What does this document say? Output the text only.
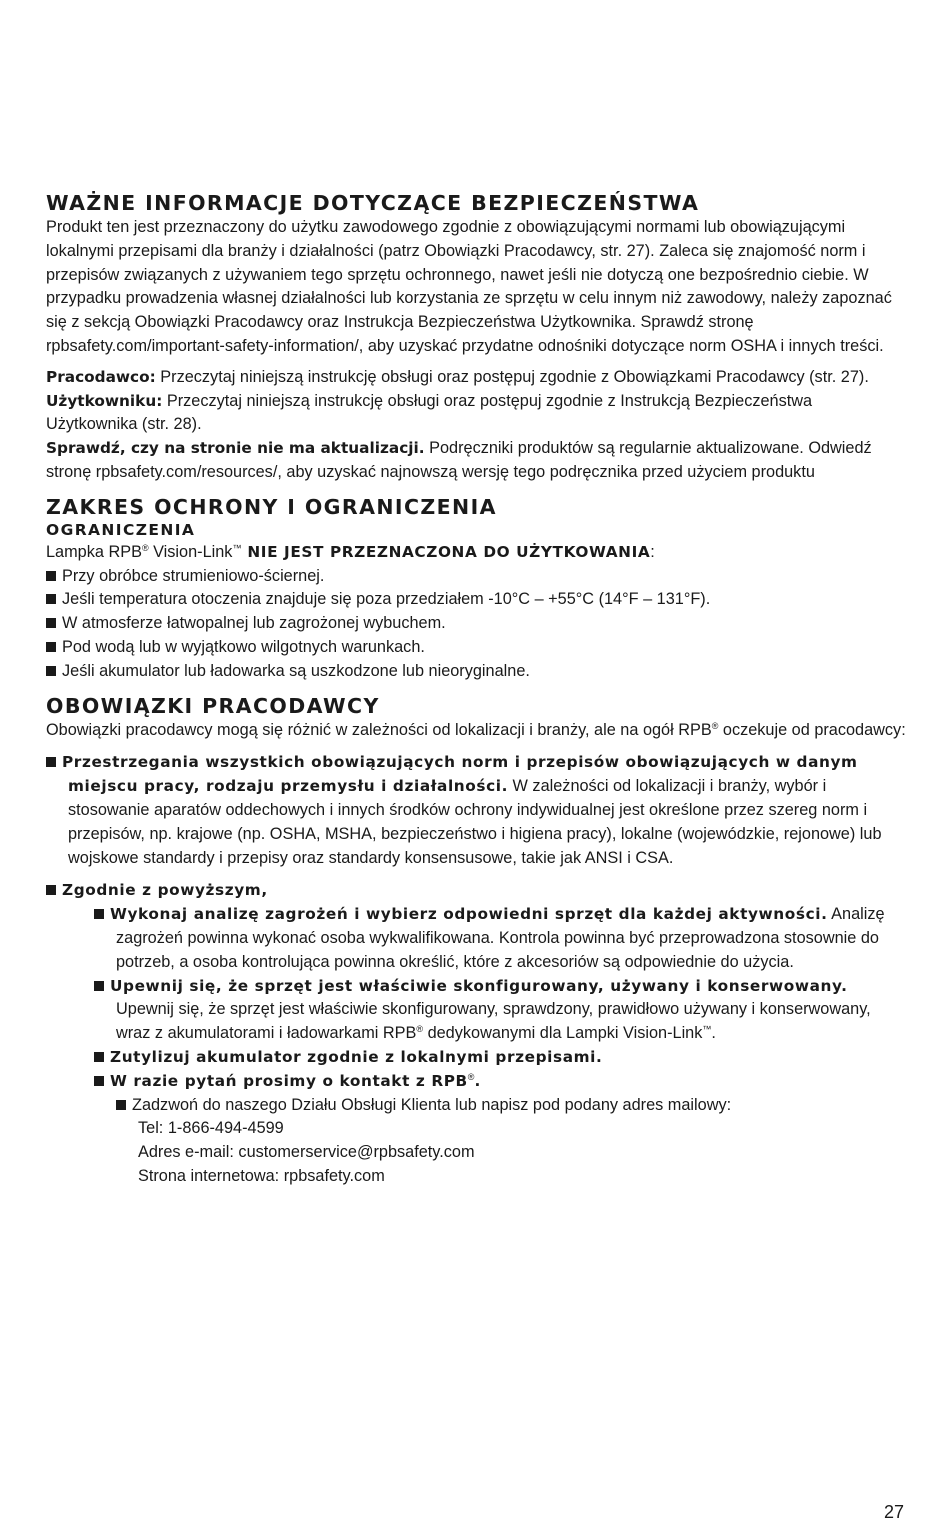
WAŻNE INFORMACJE DOTYCZĄCE BEZPIECZEŃSTWA

Produkt ten jest przeznaczony do użytku zawodowego zgodnie z obowiązującymi normami lub obowiązującymi lokalnymi przepisami dla branży i działalności (patrz Obowiązki Pracodawcy, str. 27). Zaleca się znajomość norm i przepisów związanych z używaniem tego sprzętu ochronnego, nawet jeśli nie dotyczą one bezpośrednio ciebie. W przypadku prowadzenia własnej działalności lub korzystania ze sprzętu w celu innym niż zawodowy, należy zapoznać się z sekcją Obowiązki Pracodawcy oraz Instrukcja Bezpieczeństwa Użytkownika. Sprawdź stronę rpbsafety.com/important-safety-information/, aby uzyskać przydatne odnośniki dotyczące norm OSHA i innych treści.

Pracodawco: Przeczytaj niniejszą instrukcję obsługi oraz postępuj zgodnie z Obowiązkami Pracodawcy (str. 27).

Użytkowniku: Przeczytaj niniejszą instrukcję obsługi oraz postępuj zgodnie z Instrukcją Bezpieczeństwa Użytkownika (str. 28).

Sprawdź, czy na stronie nie ma aktualizacji. Podręczniki produktów są regularnie aktualizowane. Odwiedź stronę rpbsafety.com/resources/, aby uzyskać najnowszą wersję tego podręcznika przed użyciem produktu

ZAKRES OCHRONY I OGRANICZENIA
OGRANICZENIA

Lampka RPB® Vision-Link™ NIE JEST PRZEZNACZONA DO UŻYTKOWANIA:

Przy obróbce strumieniowo-ściernej.

Jeśli temperatura otoczenia znajduje się poza przedziałem -10°C – +55°C (14°F – 131°F).

W atmosferze łatwopalnej lub zagrożonej wybuchem.

Pod wodą lub w wyjątkowo wilgotnych warunkach.

Jeśli akumulator lub ładowarka są uszkodzone lub nieoryginalne.

OBOWIĄZKI PRACODAWCY

Obowiązki pracodawcy mogą się różnić w zależności od lokalizacji i branży, ale na ogół RPB® oczekuje od pracodawcy:

Przestrzegania wszystkich obowiązujących norm i przepisów obowiązujących w danym miejscu pracy, rodzaju przemysłu i działalności. W zależności od lokalizacji i branży, wybór i stosowanie aparatów oddechowych i innych środków ochrony indywidualnej jest określone przez szereg norm i przepisów, np. krajowe (np. OSHA, MSHA, bezpieczeństwo i higiena pracy), lokalne (wojewódzkie, rejonowe) lub wojskowe standardy i przepisy oraz standardy konsensusowe, takie jak ANSI i CSA.

Zgodnie z powyższym,

Wykonaj analizę zagrożeń i wybierz odpowiedni sprzęt dla każdej aktywności. Analizę zagrożeń powinna wykonać osoba wykwalifikowana. Kontrola powinna być przeprowadzona stosownie do potrzeb, a osoba kontrolująca powinna określić, które z akcesoriów są odpowiednie do użycia.

Upewnij się, że sprzęt jest właściwie skonfigurowany, używany i konserwowany. Upewnij się, że sprzęt jest właściwie skonfigurowany, sprawdzony, prawidłowo używany i konserwowany, wraz z akumulatorami i ładowarkami RPB® dedykowanymi dla Lampki Vision-Link™.

Zutylizuj akumulator zgodnie z lokalnymi przepisami.

W razie pytań prosimy o kontakt z RPB®.

Zadzwoń do naszego Działu Obsługi Klienta lub napisz pod podany adres mailowy:

Tel: 1-866-494-4599

Adres e-mail: customerservice@rpbsafety.com

Strona internetowa: rpbsafety.com

27
